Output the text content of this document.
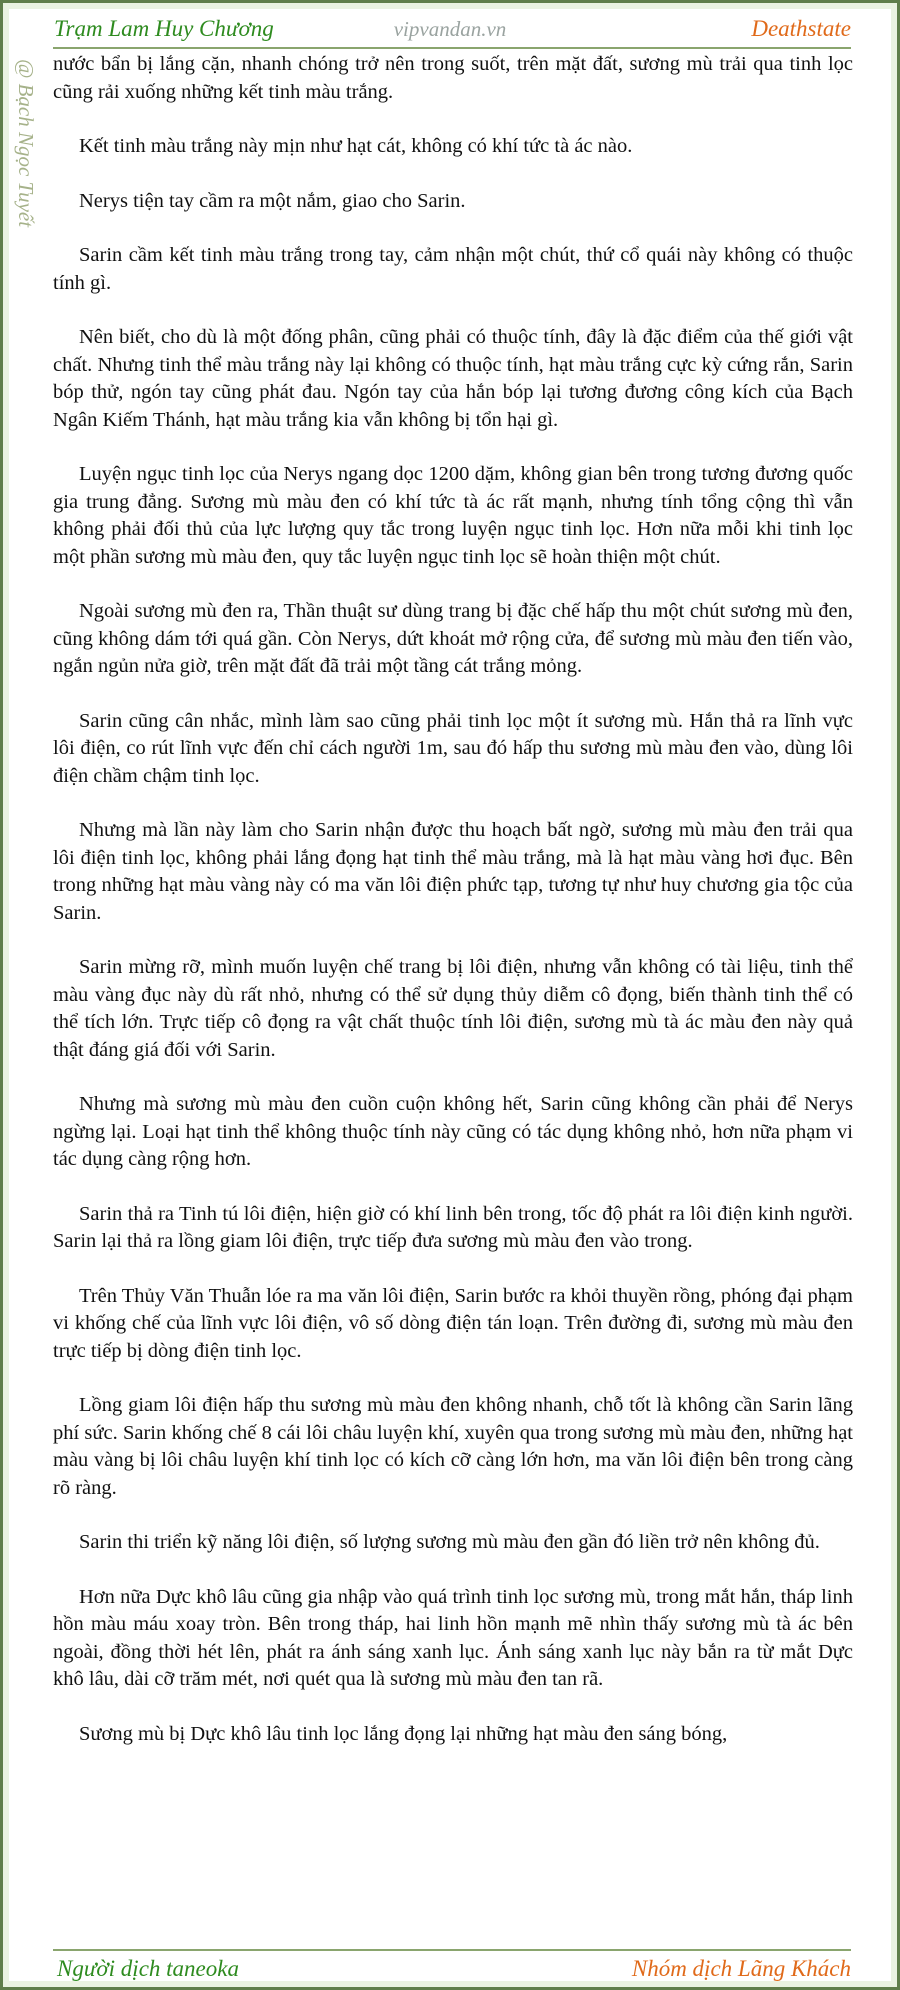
Trạm Lam Huy Chương	vipvandan.vn	Deathstate
@ Bạch Ngọc Tuyết nước bẩn bị lắng cặn, nhanh chóng trở nên trong suốt, trên mặt đất, sương mù trải qua tinh lọc cũng rải xuống những kết tinh màu trắng.

Kết tinh màu trắng này mịn như hạt cát, không có khí tức tà ác nào.

Nerys tiện tay cầm ra một nắm, giao cho Sarin.

Sarin cầm kết tinh màu trắng trong tay, cảm nhận một chút, thứ cổ quái này không có thuộc tính gì.

Nên biết, cho dù là một đống phân, cũng phải có thuộc tính, đây là đặc điểm của thế giới vật chất. Nhưng tinh thể màu trắng này lại không có thuộc tính, hạt màu trắng cực kỳ cứng rắn, Sarin bóp thử, ngón tay cũng phát đau. Ngón tay của hắn bóp lại tương đương công kích của Bạch Ngân Kiếm Thánh, hạt màu trắng kia vẫn không bị tổn hại gì.

Luyện ngục tinh lọc của Nerys ngang dọc 1200 dặm, không gian bên trong tương đương quốc gia trung đẳng. Sương mù màu đen có khí tức tà ác rất mạnh, nhưng tính tổng cộng thì vẫn không phải đối thủ của lực lượng quy tắc trong luyện ngục tinh lọc. Hơn nữa mỗi khi tinh lọc một phần sương mù màu đen, quy tắc luyện ngục tinh lọc sẽ hoàn thiện một chút.

Ngoài sương mù đen ra, Thần thuật sư dùng trang bị đặc chế hấp thu một chút sương mù đen, cũng không dám tới quá gần. Còn Nerys, dứt khoát mở rộng cửa, để sương mù màu đen tiến vào, ngắn ngủn nửa giờ, trên mặt đất đã trải một tầng cát trắng mỏng.

Sarin cũng cân nhắc, mình làm sao cũng phải tinh lọc một ít sương mù. Hắn thả ra lĩnh vực lôi điện, co rút lĩnh vực đến chỉ cách người 1m, sau đó hấp thu sương mù màu đen vào, dùng lôi điện chầm chậm tinh lọc.

Nhưng mà lần này làm cho Sarin nhận được thu hoạch bất ngờ, sương mù màu đen trải qua lôi điện tinh lọc, không phải lắng đọng hạt tinh thể màu trắng, mà là hạt màu vàng hơi đục. Bên trong những hạt màu vàng này có ma văn lôi điện phức tạp, tương tự như huy chương gia tộc của Sarin.

Sarin mừng rỡ, mình muốn luyện chế trang bị lôi điện, nhưng vẫn không có tài liệu, tinh thể màu vàng đục này dù rất nhỏ, nhưng có thể sử dụng thủy diễm cô đọng, biến thành tinh thể có thể tích lớn. Trực tiếp cô đọng ra vật chất thuộc tính lôi điện, sương mù tà ác màu đen này quả thật đáng giá đối với Sarin.

Nhưng mà sương mù màu đen cuồn cuộn không hết, Sarin cũng không cần phải để Nerys ngừng lại. Loại hạt tinh thể không thuộc tính này cũng có tác dụng không nhỏ, hơn nữa phạm vi tác dụng càng rộng hơn.

Sarin thả ra Tinh tú lôi điện, hiện giờ có khí linh bên trong, tốc độ phát ra lôi điện kinh người. Sarin lại thả ra lồng giam lôi điện, trực tiếp đưa sương mù màu đen vào trong.

Trên Thủy Văn Thuẫn lóe ra ma văn lôi điện, Sarin bước ra khỏi thuyền rồng, phóng đại phạm vi khống chế của lĩnh vực lôi điện, vô số dòng điện tán loạn. Trên đường đi, sương mù màu đen trực tiếp bị dòng điện tinh lọc.

Lồng giam lôi điện hấp thu sương mù màu đen không nhanh, chỗ tốt là không cần Sarin lãng phí sức. Sarin khống chế 8 cái lôi châu luyện khí, xuyên qua trong sương mù màu đen, những hạt màu vàng bị lôi châu luyện khí tinh lọc có kích cỡ càng lớn hơn, ma văn lôi điện bên trong càng rõ ràng.

Sarin thi triển kỹ năng lôi điện, số lượng sương mù màu đen gần đó liền trở nên không đủ.

Hơn nữa Dực khô lâu cũng gia nhập vào quá trình tinh lọc sương mù, trong mắt hắn, tháp linh hồn màu máu xoay tròn. Bên trong tháp, hai linh hồn mạnh mẽ nhìn thấy sương mù tà ác bên ngoài, đồng thời hét lên, phát ra ánh sáng xanh lục. Ánh sáng xanh lục này bắn ra từ mắt Dực khô lâu, dài cỡ trăm mét, nơi quét qua là sương mù màu đen tan rã.

Sương mù bị Dực khô lâu tinh lọc lắng đọng lại những hạt màu đen sáng bóng,

Người dịch taneoka	Nhóm dịch Lãng Khách
